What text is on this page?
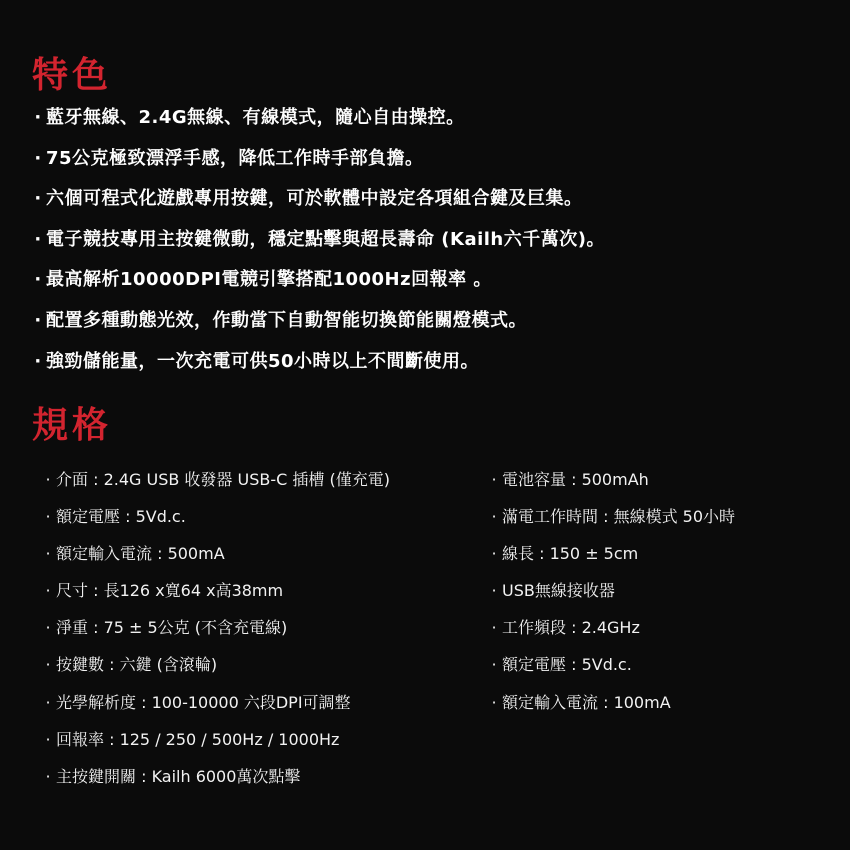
特色
· 藍牙無線、2.4G無線、有線模式，隨心自由操控。
· 75公克極致漂浮手感，降低工作時手部負擔。
· 六個可程式化遊戲專用按鍵，可於軟體中設定各項組合鍵及巨集。
· 電子競技專用主按鍵微動，穩定點擊與超長壽命 (Kailh六千萬次)。
· 最高解析10000DPI電競引擎搭配1000Hz回報率 。
· 配置多種動態光效，作動當下自動智能切換節能關燈模式。
· 強勁儲能量，一次充電可供50小時以上不間斷使用。
規格
· 介面 : 2.4G USB 收發器 USB-C 插槽 (僅充電)
· 額定電壓 : 5Vd.c.
· 額定輸入電流 : 500mA
· 尺寸 : 長126 x寬64 x高38mm
· 淨重 : 75 ± 5公克 (不含充電線)
· 按鍵數 : 六鍵 (含滾輪)
· 光學解析度 : 100-10000 六段DPI可調整
· 回報率 : 125 / 250 / 500Hz / 1000Hz
· 主按鍵開關 : Kailh 6000萬次點擊
· 電池容量 : 500mAh
· 滿電工作時間 : 無線模式 50小時
· 線長 : 150 ± 5cm
· USB無線接收器
· 工作頻段 : 2.4GHz
· 額定電壓 : 5Vd.c.
· 額定輸入電流 : 100mA
